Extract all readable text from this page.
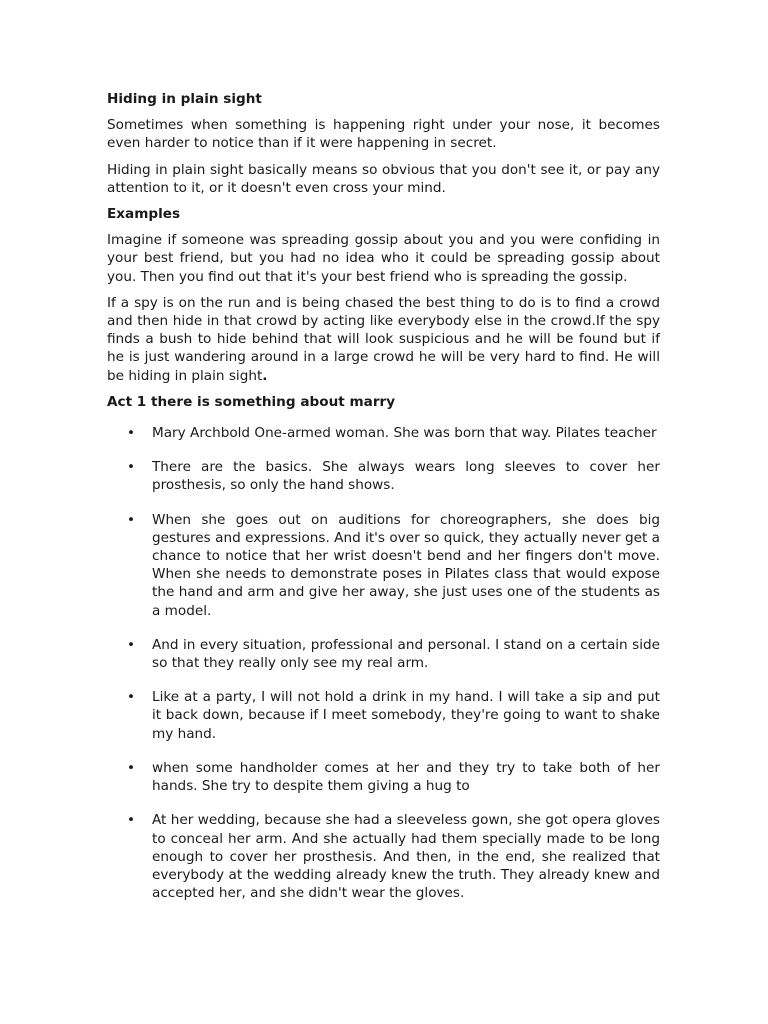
Hiding in plain sight

Sometimes when something is happening right under your nose, it becomes even harder to notice than if it were happening in secret.

Hiding in plain sight basically means so obvious that you don't see it, or pay any attention to it, or it doesn't even cross your mind.

Examples

Imagine if someone was spreading gossip about you and you were confiding in your best friend, but you had no idea who it could be spreading gossip about you. Then you find out that it's your best friend who is spreading the gossip.

If a spy is on the run and is being chased the best thing to do is to find a crowd and then hide in that crowd by acting like everybody else in the crowd.If the spy finds a bush to hide behind that will look suspicious and he will be found but if he is just wandering around in a large crowd he will be very hard to find. He will be hiding in plain sight.

Act 1 there is something about marry
• Mary Archbold One-armed woman. She was born that way. Pilates teacher
• There are the basics. She always wears long sleeves to cover her prosthesis, so only the hand shows.
• When she goes out on auditions for choreographers, she does big gestures and expressions. And it's over so quick, they actually never get a chance to notice that her wrist doesn't bend and her fingers don't move. When she needs to demonstrate poses in Pilates class that would expose the hand and arm and give her away, she just uses one of the students as a model.
• And in every situation, professional and personal. I stand on a certain side so that they really only see my real arm.
• Like at a party, I will not hold a drink in my hand. I will take a sip and put it back down, because if I meet somebody, they're going to want to shake my hand.
• when some handholder comes at her and they try to take both of her hands. She try to despite them giving a hug to
• At her wedding, because she had a sleeveless gown, she got opera gloves to conceal her arm. And she actually had them specially made to be long enough to cover her prosthesis. And then, in the end, she realized that everybody at the wedding already knew the truth. They already knew and accepted her, and she didn't wear the gloves.
